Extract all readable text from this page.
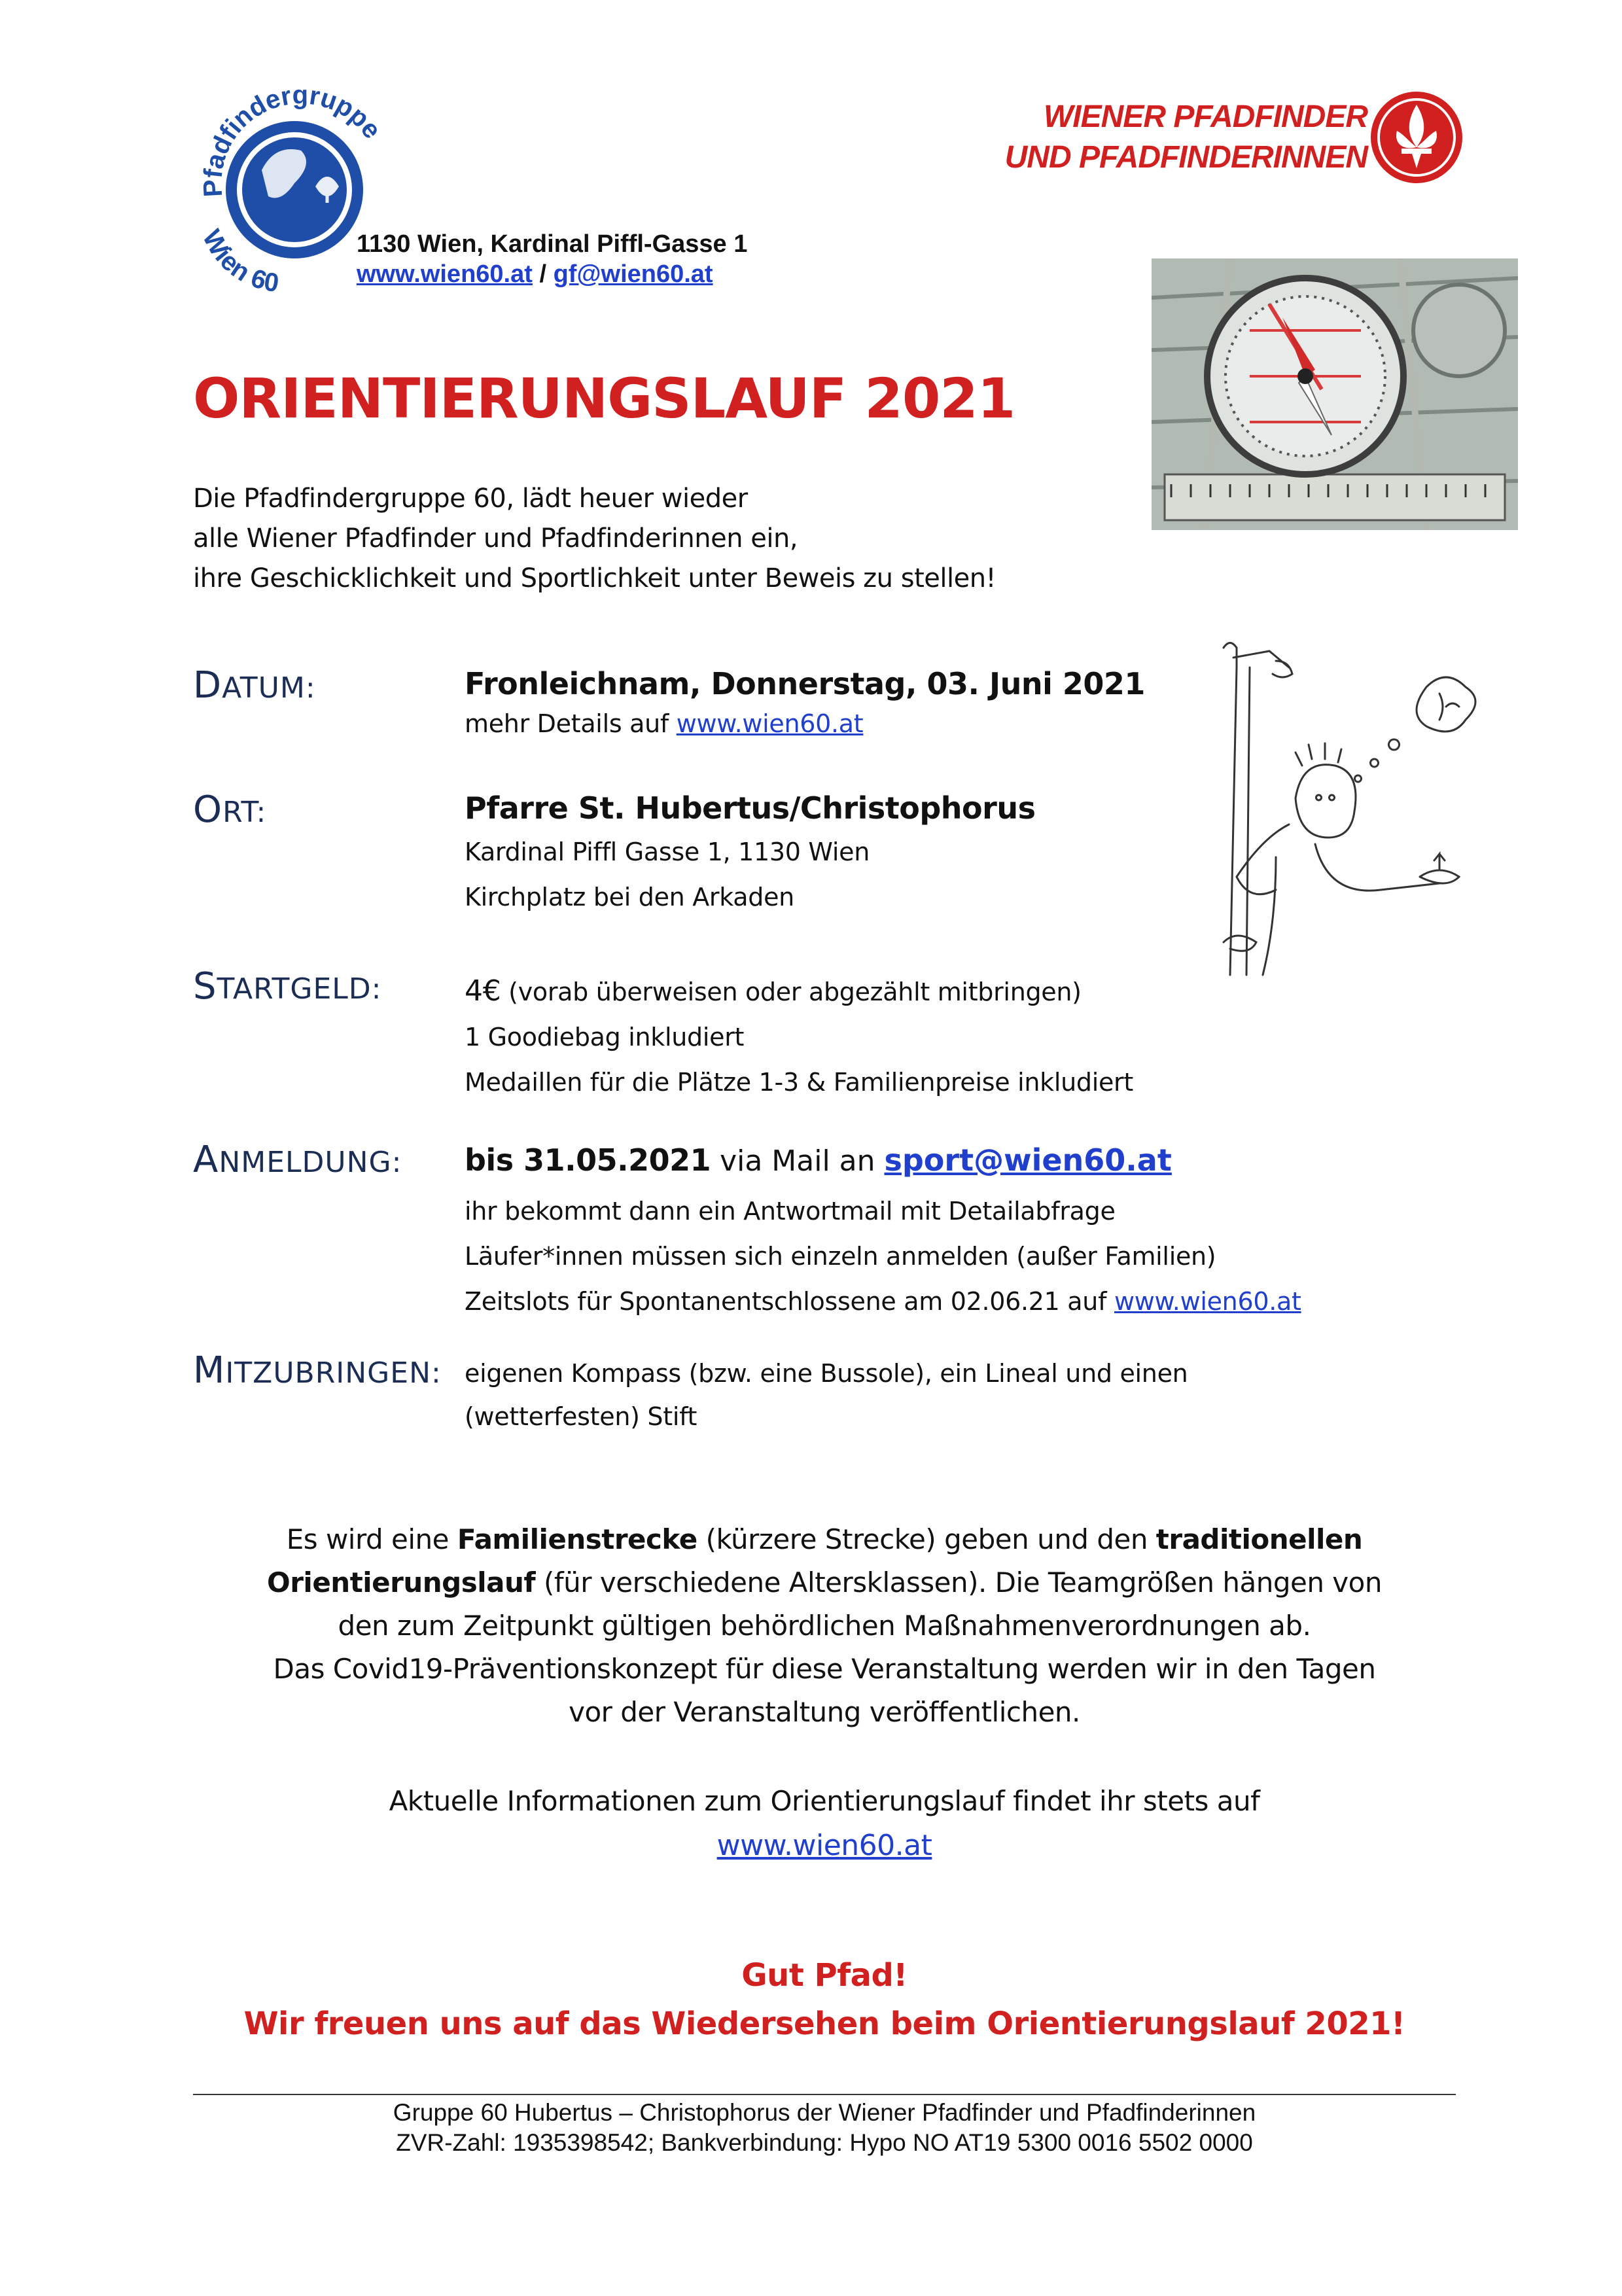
Pfadfindergruppe
Wien 60
WIENER PFADFINDER
UND PFADFINDERINNEN
1130 Wien, Kardinal Piffl-Gasse 1
www.wien60.at / gf@wien60.at
ORIENTIERUNGSLAUF 2021
Die Pfadfindergruppe 60, lädt heuer wieder
alle Wiener Pfadfinder und Pfadfinderinnen ein,
ihre Geschicklichkeit und Sportlichkeit unter Beweis zu stellen!
DATUM:	Fronleichnam, Donnerstag, 03. Juni 2021
mehr Details auf www.wien60.at
ORT:	Pfarre St. Hubertus/Christophorus
Kardinal Piffl Gasse 1, 1130 Wien
Kirchplatz bei den Arkaden
STARTGELD:	4€ (vorab überweisen oder abgezählt mitbringen)
1 Goodiebag inkludiert
Medaillen für die Plätze 1-3 & Familienpreise inkludiert
ANMELDUNG: bis 31.05.2021 via Mail an sport@wien60.at
ihr bekommt dann ein Antwortmail mit Detailabfrage
Läufer*innen müssen sich einzeln anmelden (außer Familien)
Zeitslots für Spontanentschlossene am 02.06.21 auf www.wien60.at
MITZUBRINGEN: eigenen Kompass (bzw. eine Bussole), ein Lineal und einen
(wetterfesten) Stift
Es wird eine Familienstrecke (kürzere Strecke) geben und den traditionellen
Orientierungslauf (für verschiedene Altersklassen). Die Teamgrößen hängen von
den zum Zeitpunkt gültigen behördlichen Maßnahmenverordnungen ab.
Das Covid19-Präventionskonzept für diese Veranstaltung werden wir in den Tagen
vor der Veranstaltung veröffentlichen.
Aktuelle Informationen zum Orientierungslauf findet ihr stets auf
www.wien60.at
Gut Pfad!
Wir freuen uns auf das Wiedersehen beim Orientierungslauf 2021!
Gruppe 60 Hubertus – Christophorus der Wiener Pfadfinder und Pfadfinderinnen
ZVR-Zahl: 1935398542; Bankverbindung: Hypo NO AT19 5300 0016 5502 0000
